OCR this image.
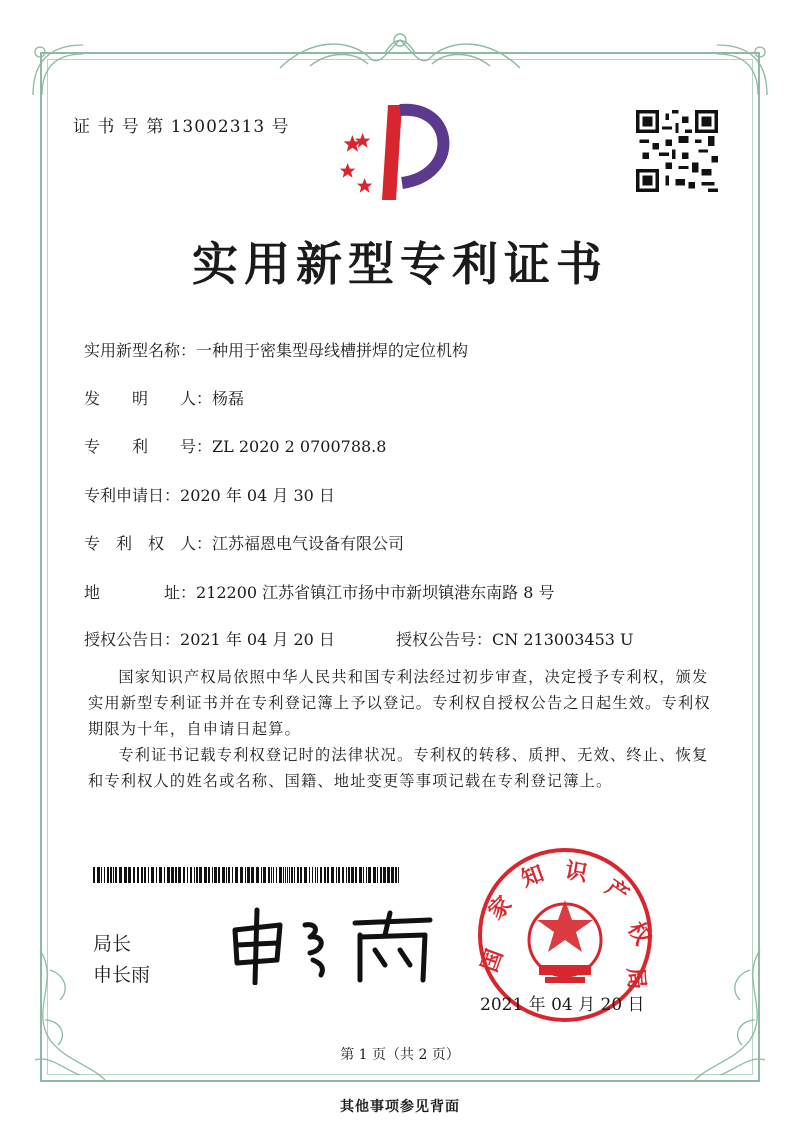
证 书 号 第 13002313 号
实用新型专利证书
实用新型名称：一种用于密集型母线槽拼焊的定位机构
发　　明　　人：杨磊
专　　利　　号：ZL 2020 2 0700788.8
专利申请日：2020 年 04 月 30 日
专　利　权　人：江苏福恩电气设备有限公司
地　　　　址：212200 江苏省镇江市扬中市新坝镇港东南路 8 号
授权公告日：2021 年 04 月 20 日	授权公告号：CN 213003453 U

国家知识产权局依照中华人民共和国专利法经过初步审查，决定授予专利权，颁发实用新型专利证书并在专利登记簿上予以登记。专利权自授权公告之日起生效。专利权期限为十年，自申请日起算。

专利证书记载专利权登记时的法律状况。专利权的转移、质押、无效、终止、恢复和专利权人的姓名或名称、国籍、地址变更等事项记载在专利登记簿上。

局长
申长雨	国
家
知 识
产
权
局
2021 年 04 月 20 日
第 1 页（共 2 页）
其他事项参见背面
